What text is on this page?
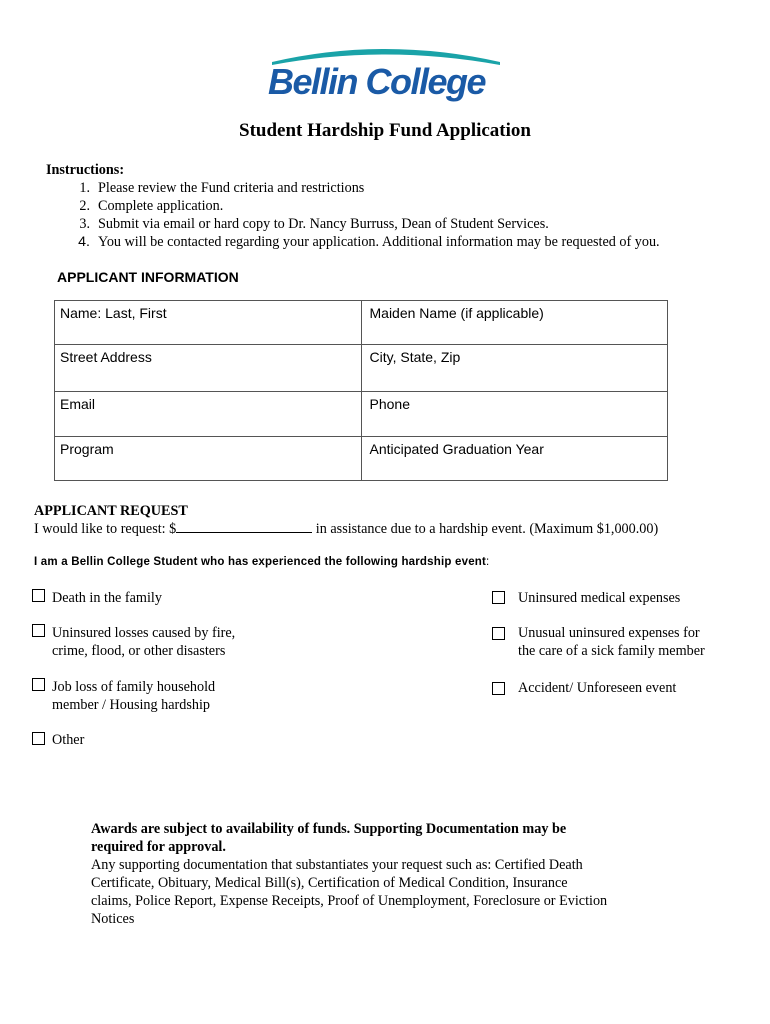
Bellin College
Student Hardship Fund Application
Instructions:
1. Please review the Fund criteria and restrictions
2. Complete application.
3. Submit via email or hard copy to Dr. Nancy Burruss, Dean of Student Services.
4. You will be contacted regarding your application. Additional information may be requested of you.
APPLICANT INFORMATION
Name: Last, First	Maiden Name (if applicable)
Street Address	City, State, Zip
Email	Phone
Program	Anticipated Graduation Year
APPLICANT REQUEST
I would like to request: $	in assistance due to a hardship event. (Maximum $1,000.00)
I am a Bellin College Student who has experienced the following hardship event:
Death in the family
Uninsured losses caused by fire,
crime, flood, or other disasters
Job loss of family household
member / Housing hardship
Other
Uninsured medical expenses
Unusual uninsured expenses for
the care of a sick family member
Accident/ Unforeseen event
Awards are subject to availability of funds. Supporting Documentation may be
required for approval.
Any supporting documentation that substantiates your request such as: Certified Death
Certificate, Obituary, Medical Bill(s), Certification of Medical Condition, Insurance
claims, Police Report, Expense Receipts, Proof of Unemployment, Foreclosure or Eviction
Notices
